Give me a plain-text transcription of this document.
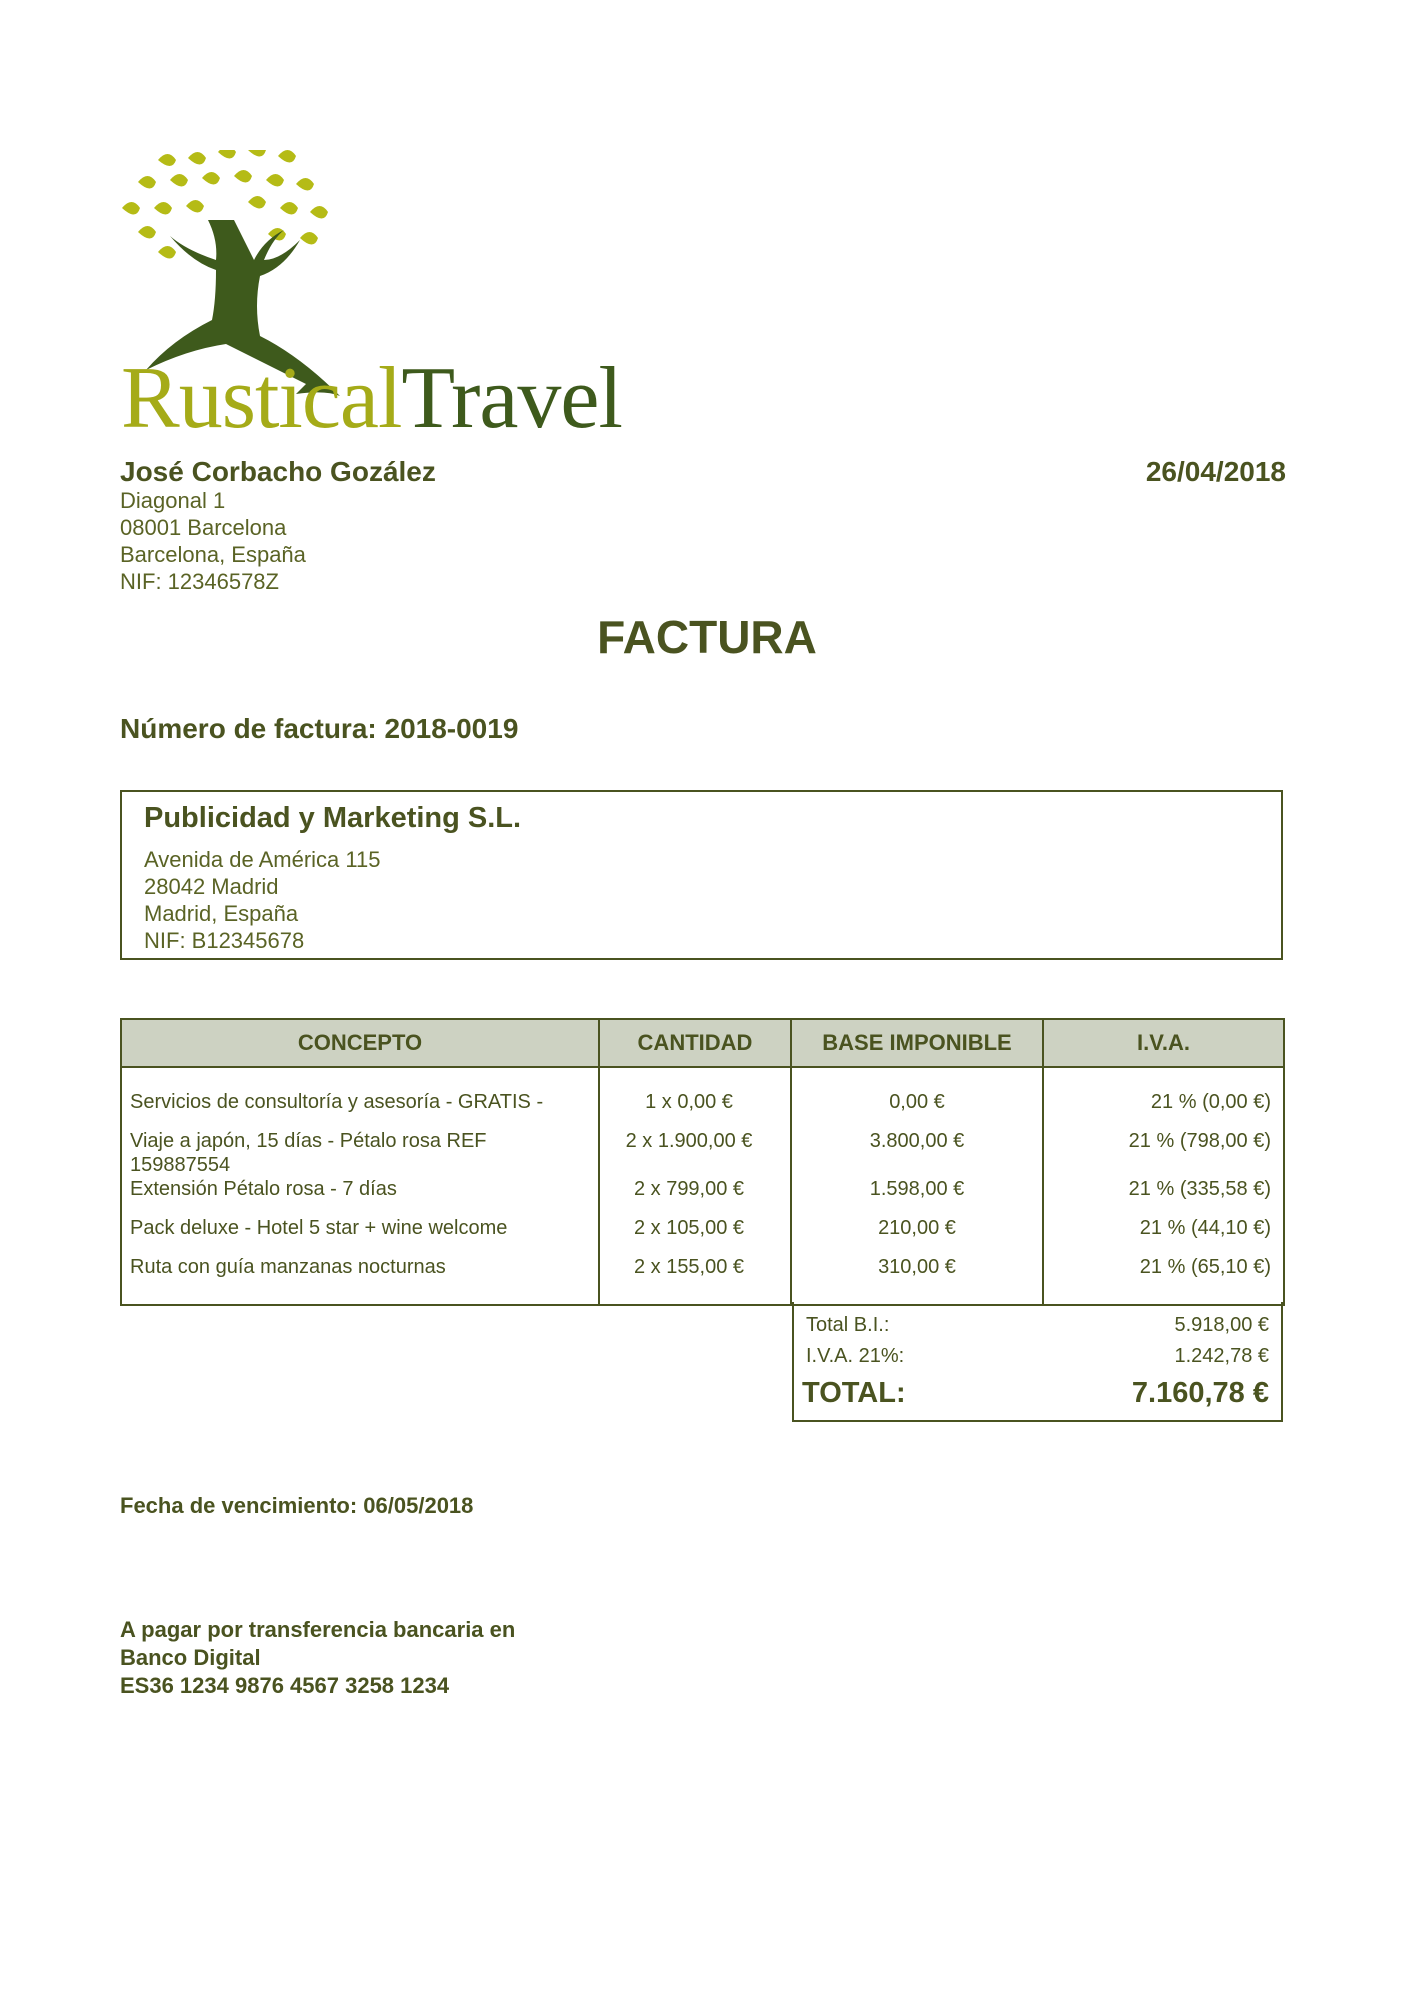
RusticalTravel
José Corbacho Gozález
Diagonal 1
08001 Barcelona
Barcelona, España
NIF: 12346578Z
26/04/2018
FACTURA
Número de factura: 2018-0019
Publicidad y Marketing S.L.
Avenida de América 115
28042 Madrid
Madrid, España
NIF: B12345678
CONCEPTO	CANTIDAD	BASE IMPONIBLE	I.V.A.
Servicios de consultoría y asesoría - GRATIS -	1 x 0,00 €	0,00 €	21 % (0,00 €)
Viaje a japón, 15 días - Pétalo rosa REF 159887554	2 x 1.900,00 €	3.800,00 €	21 % (798,00 €)
Extensión Pétalo rosa - 7 días	2 x 799,00 €	1.598,00 €	21 % (335,58 €)
Pack deluxe - Hotel 5 star + wine welcome	2 x 105,00 €	210,00 €	21 % (44,10 €)
Ruta con guía manzanas nocturnas	2 x 155,00 €	310,00 €	21 % (65,10 €)
Total B.I.:	5.918,00 €
I.V.A. 21%:	1.242,78 €
TOTAL:	7.160,78 €
Fecha de vencimiento: 06/05/2018
A pagar por transferencia bancaria en
Banco Digital
ES36 1234 9876 4567 3258 1234
